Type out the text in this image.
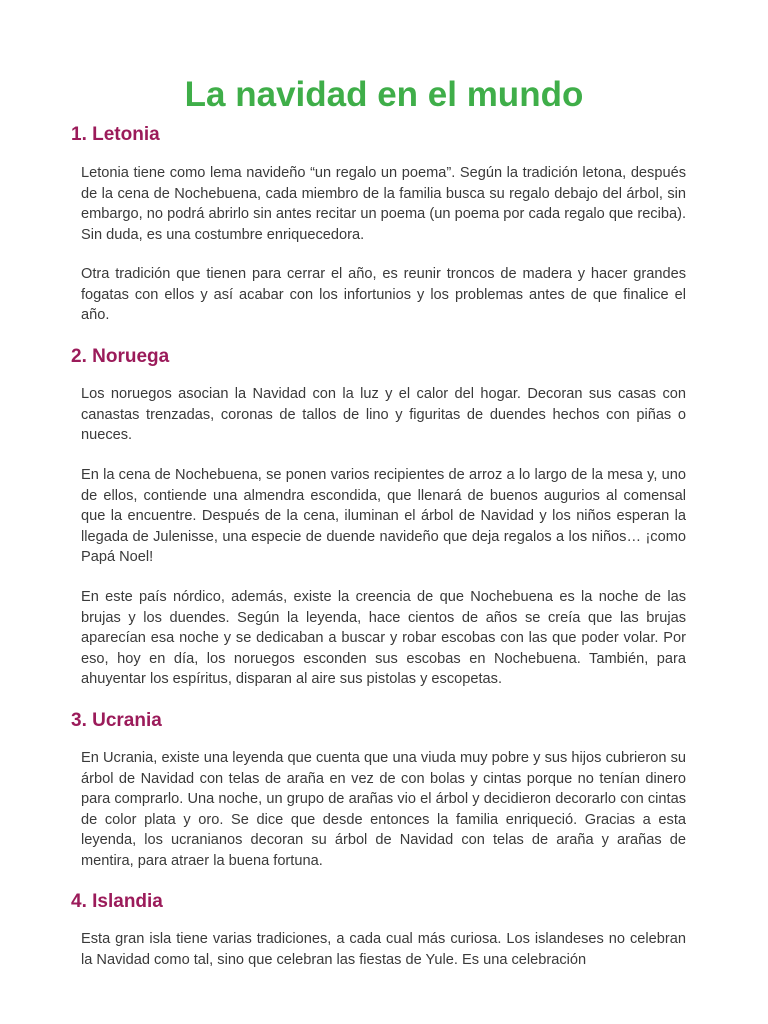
La navidad en el mundo
1. Letonia

Letonia tiene como lema navideño “un regalo un poema”. Según la tradición letona, después de la cena de Nochebuena, cada miembro de la familia busca su regalo debajo del árbol, sin embargo, no podrá abrirlo sin antes recitar un poema (un poema por cada regalo que reciba). Sin duda, es una costumbre enriquecedora.

Otra tradición que tienen para cerrar el año, es reunir troncos de madera y hacer grandes fogatas con ellos y así acabar con los infortunios y los problemas antes de que finalice el año.

2. Noruega

Los noruegos asocian la Navidad con la luz y el calor del hogar. Decoran sus casas con canastas trenzadas, coronas de tallos de lino y figuritas de duendes hechos con piñas o nueces.

En la cena de Nochebuena, se ponen varios recipientes de arroz a lo largo de la mesa y, uno de ellos, contiende una almendra escondida, que llenará de buenos augurios al comensal que la encuentre. Después de la cena, iluminan el árbol de Navidad y los niños esperan la llegada de Julenisse, una especie de duende navideño que deja regalos a los niños… ¡como Papá Noel!

En este país nórdico, además, existe la creencia de que Nochebuena es la noche de las brujas y los duendes. Según la leyenda, hace cientos de años se creía que las brujas aparecían esa noche y se dedicaban a buscar y robar escobas con las que poder volar. Por eso, hoy en día, los noruegos esconden sus escobas en Nochebuena. También, para ahuyentar los espíritus, disparan al aire sus pistolas y escopetas.

3. Ucrania

En Ucrania, existe una leyenda que cuenta que una viuda muy pobre y sus hijos cubrieron su árbol de Navidad con telas de araña en vez de con bolas y cintas porque no tenían dinero para comprarlo. Una noche, un grupo de arañas vio el árbol y decidieron decorarlo con cintas de color plata y oro. Se dice que desde entonces la familia enriqueció. Gracias a esta leyenda, los ucranianos decoran su árbol de Navidad con telas de araña y arañas de mentira, para atraer la buena fortuna.

4. Islandia

Esta gran isla tiene varias tradiciones, a cada cual más curiosa. Los islandeses no celebran la Navidad como tal, sino que celebran las fiestas de Yule. Es una celebración
